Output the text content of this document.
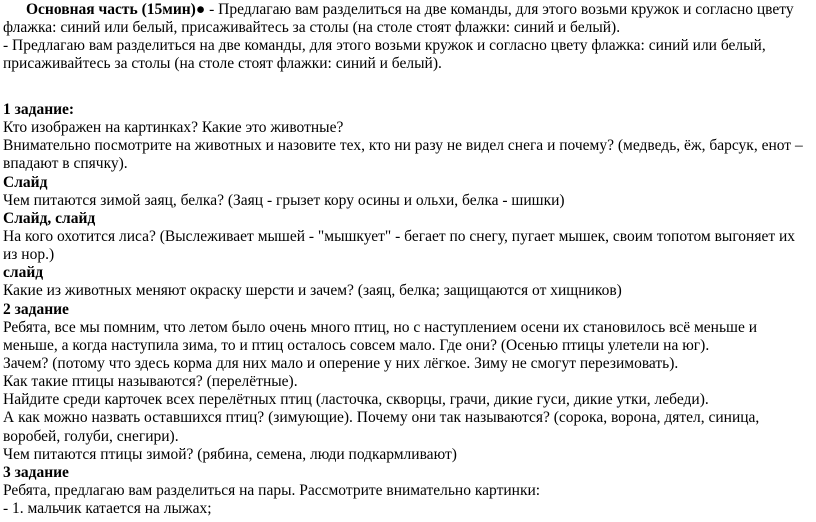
Основная часть (15мин)● - Предлагаю вам разделиться на две команды, для этого возьми кружок и согласно цвету
флажка: синий или белый, присаживайтесь за столы (на столе стоят флажки: синий и белый).
- Предлагаю вам разделиться на две команды, для этого возьми кружок и согласно цвету флажка: синий или белый,
присаживайтесь за столы (на столе стоят флажки: синий и белый).
1 задание:
Кто изображен на картинках? Какие это животные?
Внимательно посмотрите на животных и назовите тех, кто ни разу не видел снега и почему? (медведь, ёж, барсук, енот –
впадают в спячку).
Слайд
Чем питаются зимой заяц, белка? (Заяц - грызет кору осины и ольхи, белка - шишки)
Слайд, слайд
На кого охотится лиса? (Выслеживает мышей - "мышкует" - бегает по снегу, пугает мышек, своим топотом выгоняет их
из нор.)
слайд
Какие из животных меняют окраску шерсти и зачем? (заяц, белка; защищаются от хищников)
2 задание
Ребята, все мы помним, что летом было очень много птиц, но с наступлением осени их становилось всё меньше и
меньше, а когда наступила зима, то и птиц осталось совсем мало. Где они? (Осенью птицы улетели на юг).
Зачем? (потому что здесь корма для них мало и оперение у них лёгкое. Зиму не смогут перезимовать).
Как такие птицы называются? (перелётные).
Найдите среди карточек всех перелётных птиц (ласточка, скворцы, грачи, дикие гуси, дикие утки, лебеди).
А как можно назвать оставшихся птиц? (зимующие). Почему они так называются? (сорока, ворона, дятел, синица,
воробей, голуби, снегири).
Чем питаются птицы зимой? (рябина, семена, люди подкармливают)
3 задание
Ребята, предлагаю вам разделиться на пары. Рассмотрите внимательно картинки:
- 1. мальчик катается на лыжах;
